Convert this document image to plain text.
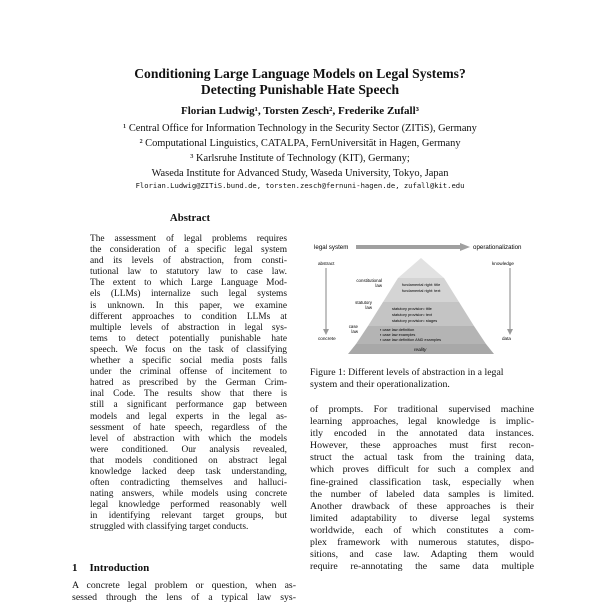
Conditioning Large Language Models on Legal Systems?
Detecting Punishable Hate Speech
Florian Ludwig¹, Torsten Zesch², Frederike Zufall³
¹ Central Office for Information Technology in the Security Sector (ZITiS), Germany
² Computational Linguistics, CATALPA, FernUniversität in Hagen, Germany
³ Karlsruhe Institute of Technology (KIT), Germany;
Waseda Institute for Advanced Study, Waseda University, Tokyo, Japan
Florian.Ludwig@ZITiS.bund.de, torsten.zesch@fernuni-hagen.de, zufall@kit.edu
Abstract
The assessment of legal problems requires
the consideration of a specific legal system
and its levels of abstraction, from consti-
tutional law to statutory law to case law.
The extent to which Large Language Mod-
els (LLMs) internalize such legal systems
is unknown. In this paper, we examine
different approaches to condition LLMs at
multiple levels of abstraction in legal sys-
tems to detect potentially punishable hate
speech. We focus on the task of classifying
whether a specific social media posts falls
under the criminal offense of incitement to
hatred as prescribed by the German Crim-
inal Code. The results show that there is
still a significant performance gap between
models and legal experts in the legal as-
sessment of hate speech, regardless of the
level of abstraction with which the models
were conditioned. Our analysis revealed,
that models conditioned on abstract legal
knowledge lacked deep task understanding,
often contradicting themselves and halluci-
nating answers, while models using concrete
legal knowledge performed reasonably well
in identifying relevant target groups, but
struggled with classifying target conducts.
1 Introduction
A concrete legal problem or question, when as-
sessed through the lens of a typical law sys-
legal system	operationalization
abstract
concrete
knowledge
data
constitutional law
statutory law
case law
fundamental right: title
fundamental right: text
statutory provision: title
statutory provision: text
statutory provision: stages
▪ case law definition
▪ case law examples
▪ case law definition AND examples
reality
Figure 1: Different levels of abstraction in a legal system and their operationalization.
of prompts. For traditional supervised machine
learning approaches, legal knowledge is implic-
itly encoded in the annotated data instances.
However, these approaches must first recon-
struct the actual task from the training data,
which proves difficult for such a complex and
fine-grained classification task, especially when
the number of labeled data samples is limited.
Another drawback of these approaches is their
limited adaptability to diverse legal systems
worldwide, each of which constitutes a com-
plex framework with numerous statutes, dispo-
sitions, and case law. Adapting them would
require re-annotating the same data multiple
